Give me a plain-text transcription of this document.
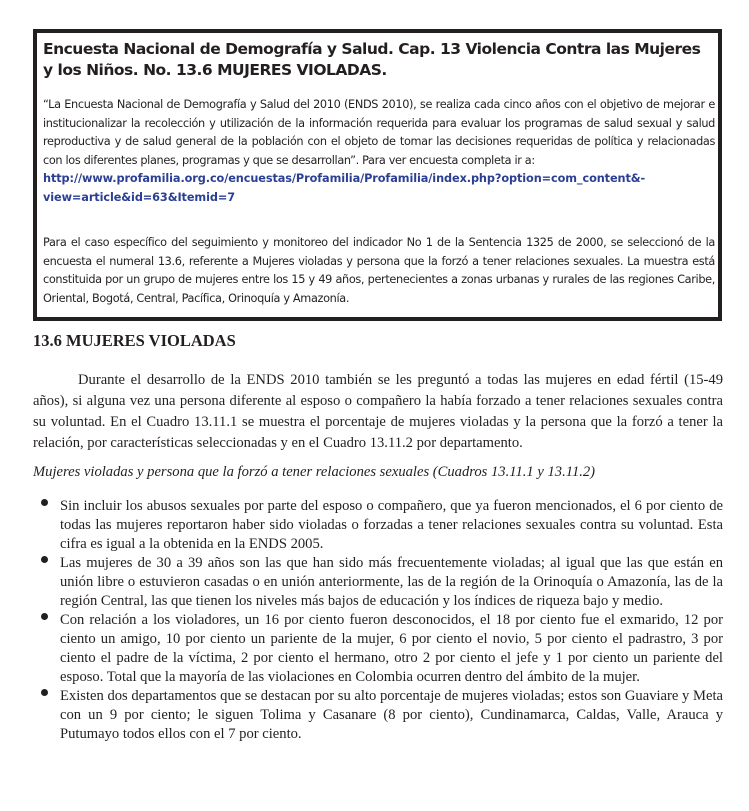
Encuesta Nacional de Demografía y Salud. Cap. 13 Violencia Contra las Mujeres y los Niños. No. 13.6 MUJERES VIOLADAS.
“La Encuesta Nacional de Demografía y Salud del 2010 (ENDS 2010), se realiza cada cinco años con el objetivo de mejorar e institucionalizar la recolección y utilización de la información requerida para evaluar los programas de salud sexual y salud reproductiva y de salud general de la población con el objeto de tomar las decisiones requeridas de política y relacionadas con los diferentes planes, programas y que se desarrollan”. Para ver encuesta completa ir a:
http://www.profamilia.org.co/encuestas/Profamilia/Profamilia/index.php?option=com_content&-
view=article&id=63&Itemid=7
Para el caso específico del seguimiento y monitoreo del indicador No 1 de la Sentencia 1325 de 2000, se seleccionó de la encuesta el numeral 13.6, referente a Mujeres violadas y persona que la forzó a tener relaciones sexuales. La muestra está constituida por un grupo de mujeres entre los 15 y 49 años, pertenecientes a zonas urbanas y rurales de las regiones Caribe, Oriental, Bogotá, Central, Pacífica, Orinoquía y Amazonía.
13.6 MUJERES VIOLADAS
Durante el desarrollo de la ENDS 2010 también se les preguntó a todas las mujeres en edad fértil (15-49 años), si alguna vez una persona diferente al esposo o compañero la había forzado a tener relaciones sexuales contra su voluntad. En el Cuadro 13.11.1 se muestra el porcentaje de mujeres violadas y la persona que la forzó a tener la relación, por características seleccionadas y en el Cuadro 13.11.2 por departamento.
Mujeres violadas y persona que la forzó a tener relaciones sexuales (Cuadros 13.11.1 y 13.11.2)
Sin incluir los abusos sexuales por parte del esposo o compañero, que ya fueron mencionados, el 6 por ciento de todas las mujeres reportaron haber sido violadas o forzadas a tener relaciones sexuales contra su voluntad. Esta cifra es igual a la obtenida en la ENDS 2005.
Las mujeres de 30 a 39 años son las que han sido más frecuentemente violadas; al igual que las que están en unión libre o estuvieron casadas o en unión anteriormente, las de la región de la Orinoquía o Amazonía, las de la región Central, las que tienen los niveles más bajos de educación y los índices de riqueza bajo y medio.
Con relación a los violadores, un 16 por ciento fueron desconocidos, el 18 por ciento fue el exmarido, 12 por ciento un amigo, 10 por ciento un pariente de la mujer, 6 por ciento el novio, 5 por ciento el padrastro, 3 por ciento el padre de la víctima, 2 por ciento el hermano, otro 2 por ciento el jefe y 1 por ciento un pariente del esposo. Total que la mayoría de las violaciones en Colombia ocurren dentro del ámbito de la mujer.
Existen dos departamentos que se destacan por su alto porcentaje de mujeres violadas; estos son Guaviare y Meta con un 9 por ciento; le siguen Tolima y Casanare (8 por ciento), Cundinamarca, Caldas, Valle, Arauca y Putumayo todos ellos con el 7 por ciento.
